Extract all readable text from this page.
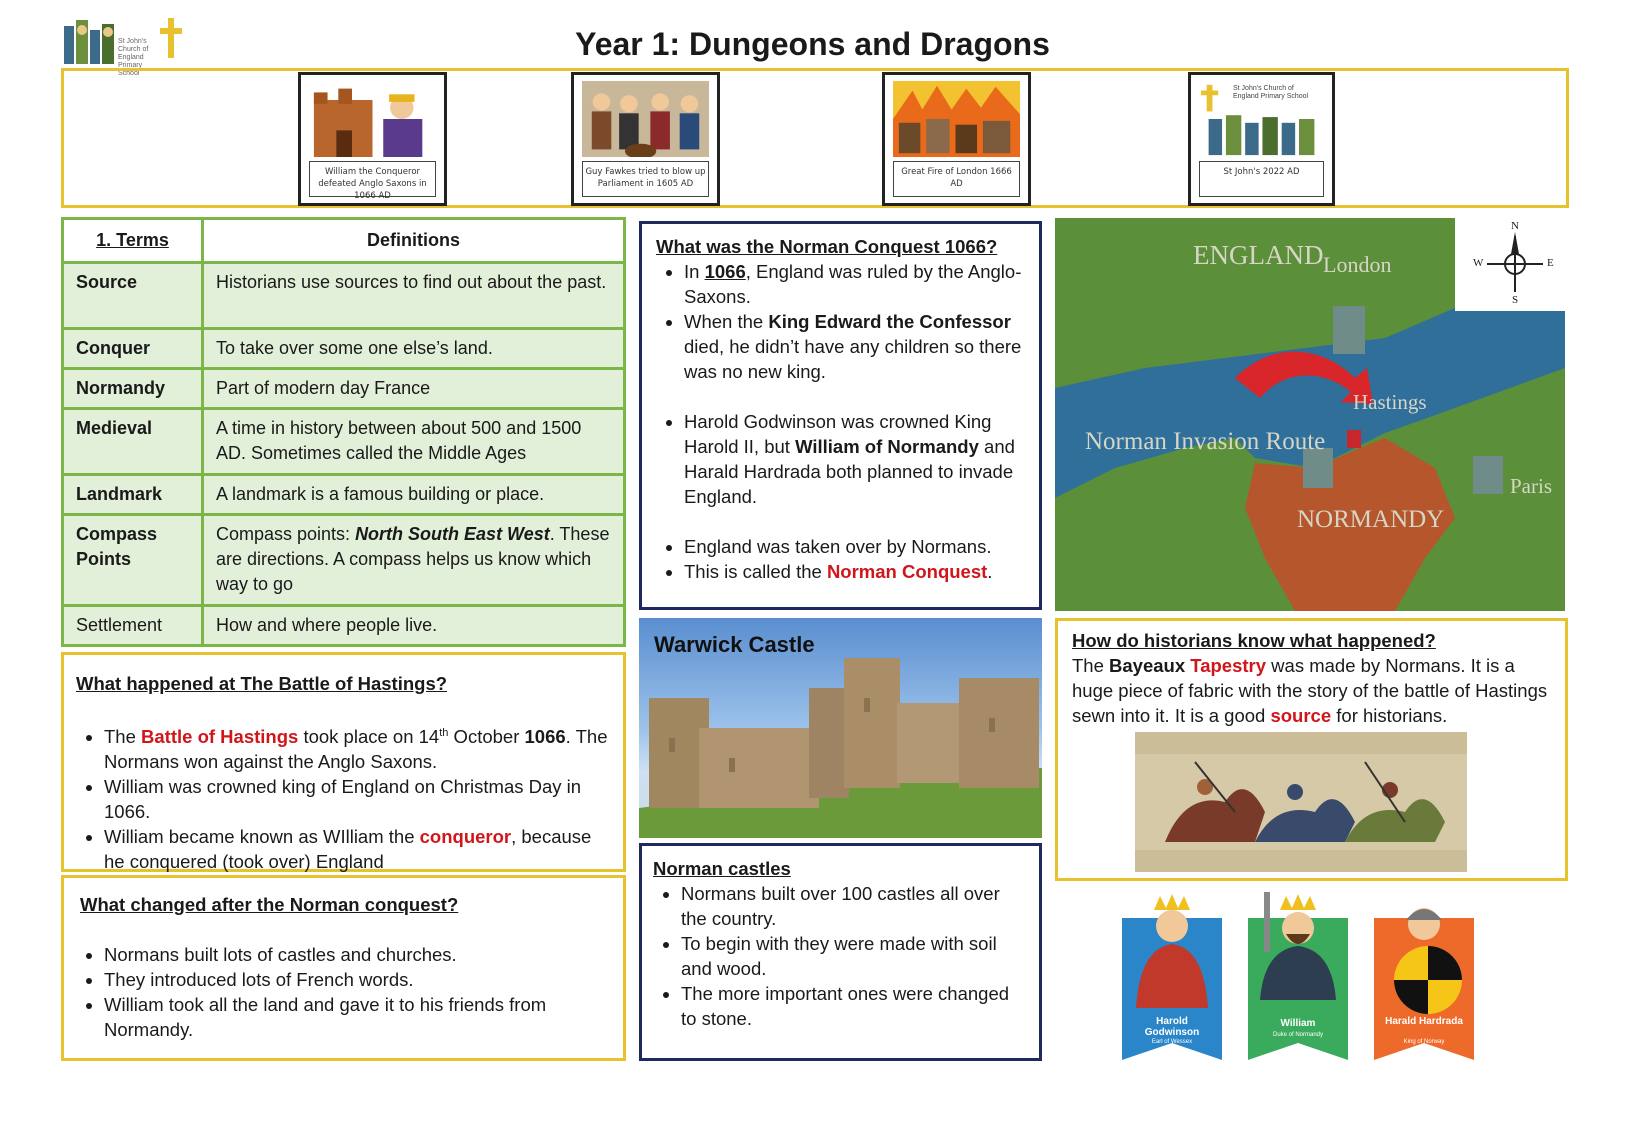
St John's Church of England Primary School
Year 1: Dungeons and Dragons
William the Conqueror defeated Anglo Saxons in 1066 AD
Guy Fawkes tried to blow up Parliament in 1605 AD
Great Fire of London 1666 AD
St John's Church of England Primary School
St John's 2022 AD
1. Terms	Definitions
Source	Historians use sources to find out about the past.
Conquer	To take over some one else’s land.
Normandy	Part of modern day France
Medieval	A time in history between about 500 and 1500 AD. Sometimes called the Middle Ages
Landmark	A landmark is a famous building or place.
Compass Points	Compass points: North South East West. These are directions. A compass helps us know which way to go
Settlement	How and where people live.
What happened at The Battle of Hastings?
• The Battle of Hastings took place on 14th October 1066. The Normans won against the Anglo Saxons.
• William was crowned king of England on Christmas Day in 1066.
• William became known as WIlliam the conqueror, because he conquered (took over) England
What changed after the Norman conquest?
• Normans built lots of castles and churches.
• They introduced lots of French words.
• William took all the land and gave it to his friends from Normandy.
What was the Norman Conquest 1066?
• In 1066, England was ruled by the Anglo-Saxons.
• When the King Edward the Confessor died, he didn’t have any children so there was no new king.
• Harold Godwinson was crowned King Harold II, but William of Normandy and Harald Hardrada both planned to invade England.
• England was taken over by Normans.
• This is called the Norman Conquest.
ENGLAND London
Hastings
Norman Invasion Route
NORMANDY
Paris
N
S
E
W
Warwick Castle
Norman castles
• Normans built over 100 castles all over the country.
• To begin with they were made with soil and wood.
• The more important ones were changed to stone.
How do historians know what happened?
The Bayeaux Tapestry was made by Normans. It is a huge piece of fabric with the story of the battle of Hastings sewn into it. It is a good source for historians.
Harold Godwinson
Earl of Wessex
William
Duke of Normandy
Harald Hardrada
King of Norway
